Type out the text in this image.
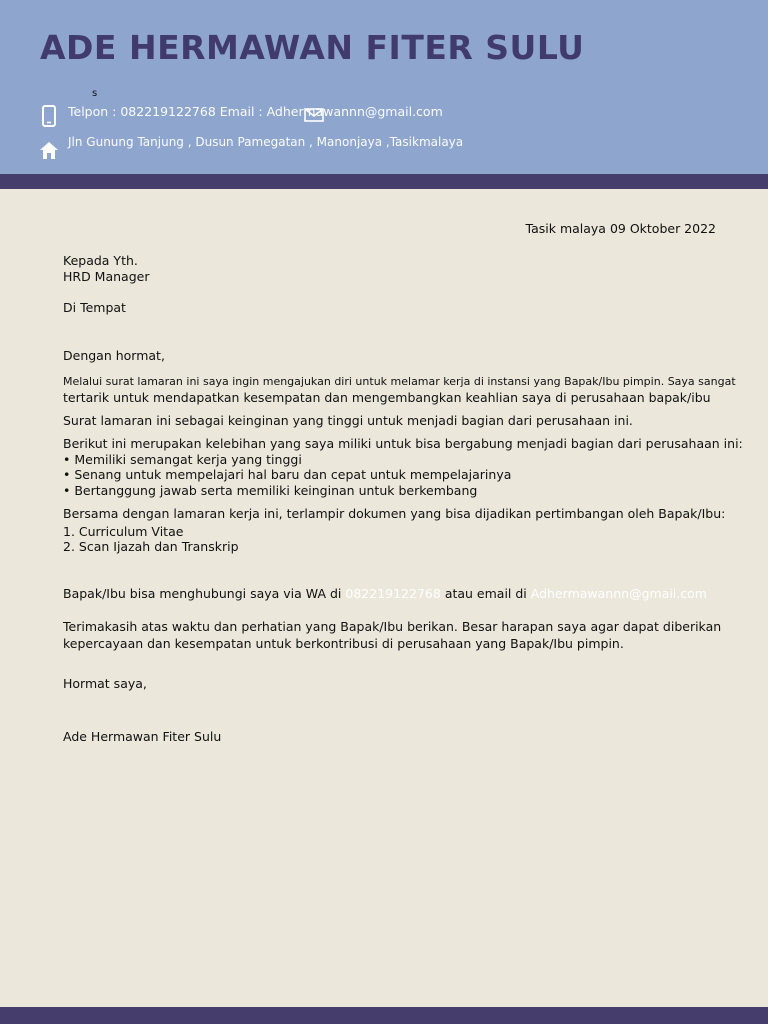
ADE HERMAWAN FITER SULU
s
Telpon : 082219122768 Email : Adhermawannn@gmail.com
Jln Gunung Tanjung , Dusun Pamegatan , Manonjaya ,Tasikmalaya
Tasik malaya 09 Oktober 2022
Kepada Yth.
HRD Manager
Di Tempat
Dengan hormat,
Melalui surat lamaran ini saya ingin mengajukan diri untuk melamar kerja di instansi yang Bapak/Ibu pimpin. Saya sangat
tertarik untuk mendapatkan kesempatan dan mengembangkan keahlian saya di perusahaan bapak/ibu
Surat lamaran ini sebagai keinginan yang tinggi untuk menjadi bagian dari perusahaan ini.
Berikut ini merupakan kelebihan yang saya miliki untuk bisa bergabung menjadi bagian dari perusahaan ini:
• Memiliki semangat kerja yang tinggi
• Senang untuk mempelajari hal baru dan cepat untuk mempelajarinya
• Bertanggung jawab serta memiliki keinginan untuk berkembang
Bersama dengan lamaran kerja ini, terlampir dokumen yang bisa dijadikan pertimbangan oleh Bapak/Ibu:
1. Curriculum Vitae
2. Scan Ijazah dan Transkrip
Bapak/Ibu bisa menghubungi saya via WA di 082219122768 atau email di Adhermawannn@gmail.com
Terimakasih atas waktu dan perhatian yang Bapak/Ibu berikan. Besar harapan saya agar dapat diberikan
kepercayaan dan kesempatan untuk berkontribusi di perusahaan yang Bapak/Ibu pimpin.
Hormat saya,
Ade Hermawan Fiter Sulu
